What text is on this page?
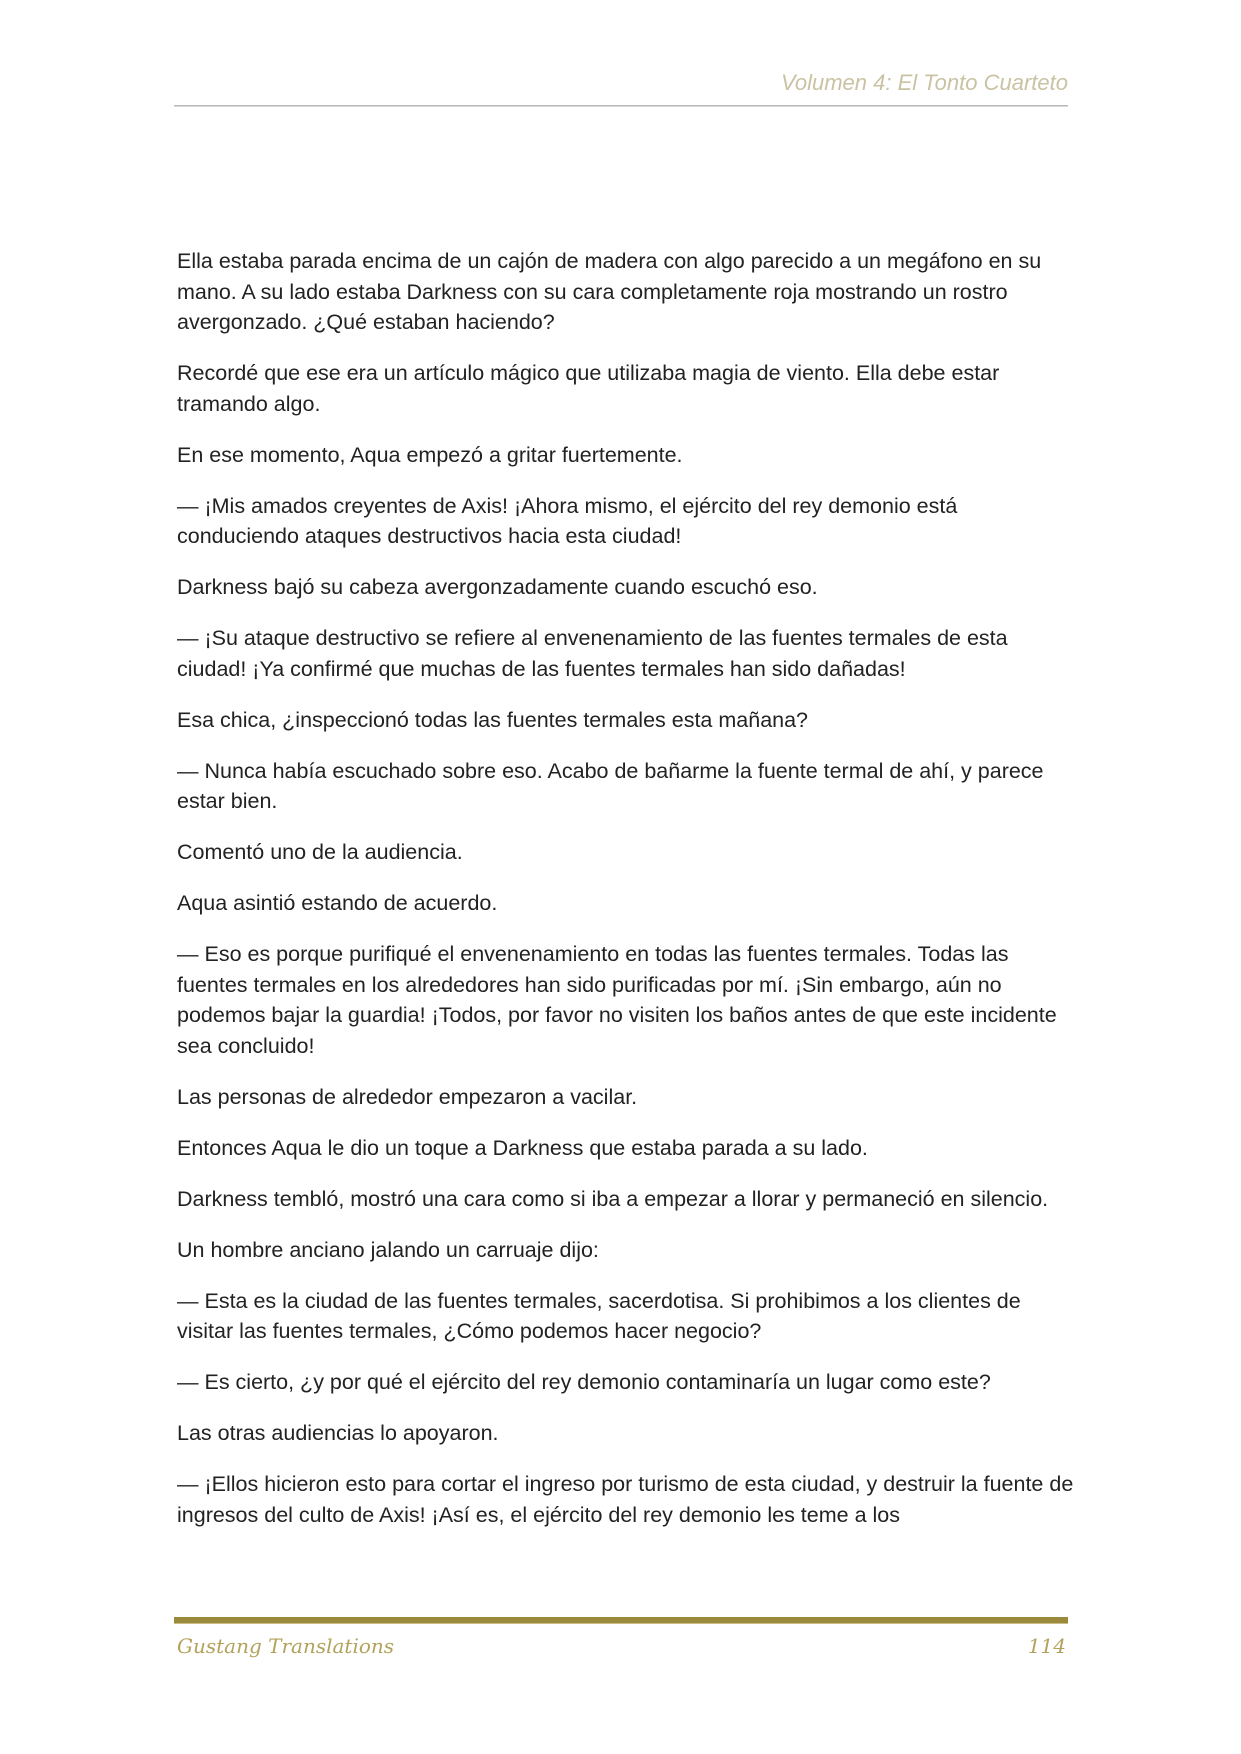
Volumen 4: El Tonto Cuarteto

Ella estaba parada encima de un cajón de madera con algo parecido a un megáfono en su mano. A su lado estaba Darkness con su cara completamente roja mostrando un rostro avergonzado. ¿Qué estaban haciendo?

Recordé que ese era un artículo mágico que utilizaba magia de viento. Ella debe estar tramando algo.

En ese momento, Aqua empezó a gritar fuertemente.

— ¡Mis amados creyentes de Axis! ¡Ahora mismo, el ejército del rey demonio está conduciendo ataques destructivos hacia esta ciudad!

Darkness bajó su cabeza avergonzadamente cuando escuchó eso.

— ¡Su ataque destructivo se refiere al envenenamiento de las fuentes termales de esta ciudad! ¡Ya confirmé que muchas de las fuentes termales han sido dañadas!

Esa chica, ¿inspeccionó todas las fuentes termales esta mañana?

— Nunca había escuchado sobre eso. Acabo de bañarme la fuente termal de ahí, y parece estar bien.

Comentó uno de la audiencia.

Aqua asintió estando de acuerdo.

— Eso es porque purifiqué el envenenamiento en todas las fuentes termales. Todas las fuentes termales en los alrededores han sido purificadas por mí. ¡Sin embargo, aún no podemos bajar la guardia! ¡Todos, por favor no visiten los baños antes de que este incidente sea concluido!

Las personas de alrededor empezaron a vacilar.

Entonces Aqua le dio un toque a Darkness que estaba parada a su lado.

Darkness tembló, mostró una cara como si iba a empezar a llorar y permaneció en silencio.

Un hombre anciano jalando un carruaje dijo:

— Esta es la ciudad de las fuentes termales, sacerdotisa. Si prohibimos a los clientes de visitar las fuentes termales, ¿Cómo podemos hacer negocio?

— Es cierto, ¿y por qué el ejército del rey demonio contaminaría un lugar como este?

Las otras audiencias lo apoyaron.

— ¡Ellos hicieron esto para cortar el ingreso por turismo de esta ciudad, y destruir la fuente de ingresos del culto de Axis! ¡Así es, el ejército del rey demonio les teme a los

Gustang Translations	114
